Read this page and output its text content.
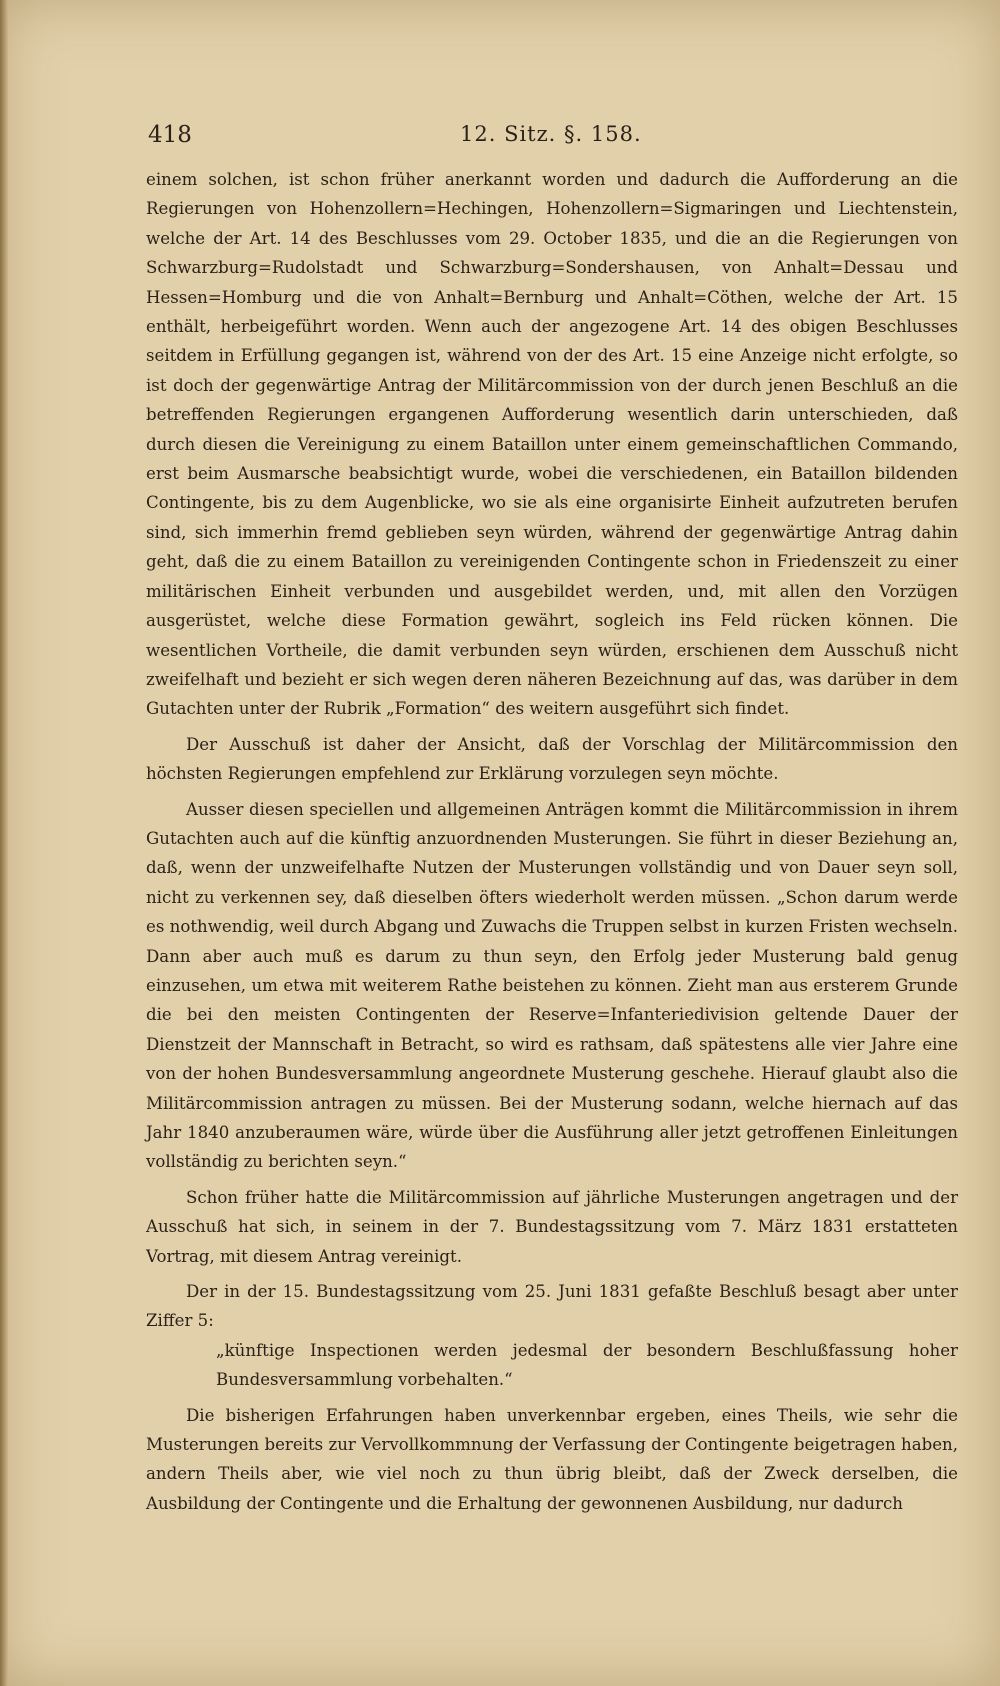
418	12. Sitz. §. 158.

einem solchen, ist schon früher anerkannt worden und dadurch die Aufforderung an die Regierungen von Hohenzollern=Hechingen, Hohenzollern=Sigmaringen und Liechtenstein, welche der Art. 14 des Beschlusses vom 29. October 1835, und die an die Regierungen von Schwarzburg=Rudolstadt und Schwarzburg=Sondershausen, von Anhalt=Dessau und Hessen=Homburg und die von Anhalt=Bernburg und Anhalt=Cöthen, welche der Art. 15 enthält, herbeigeführt worden. Wenn auch der angezogene Art. 14 des obigen Beschlusses seitdem in Erfüllung gegangen ist, während von der des Art. 15 eine Anzeige nicht erfolgte, so ist doch der gegenwärtige Antrag der Militärcommission von der durch jenen Beschluß an die betreffenden Regierungen ergangenen Aufforderung wesentlich darin unterschieden, daß durch diesen die Vereinigung zu einem Bataillon unter einem gemeinschaftlichen Commando, erst beim Ausmarsche beabsichtigt wurde, wobei die verschiedenen, ein Bataillon bildenden Contingente, bis zu dem Augenblicke, wo sie als eine organisirte Einheit aufzutreten berufen sind, sich immerhin fremd geblieben seyn würden, während der gegenwärtige Antrag dahin geht, daß die zu einem Bataillon zu vereinigenden Contingente schon in Friedenszeit zu einer militärischen Einheit verbunden und ausgebildet werden, und, mit allen den Vorzügen ausgerüstet, welche diese Formation gewährt, sogleich ins Feld rücken können. Die wesentlichen Vortheile, die damit verbunden seyn würden, erschienen dem Ausschuß nicht zweifelhaft und bezieht er sich wegen deren näheren Bezeichnung auf das, was darüber in dem Gutachten unter der Rubrik „Formation“ des weitern ausgeführt sich findet.

Der Ausschuß ist daher der Ansicht, daß der Vorschlag der Militärcommission den höchsten Regierungen empfehlend zur Erklärung vorzulegen seyn möchte.

Ausser diesen speciellen und allgemeinen Anträgen kommt die Militärcommission in ihrem Gutachten auch auf die künftig anzuordnenden Musterungen. Sie führt in dieser Beziehung an, daß, wenn der unzweifelhafte Nutzen der Musterungen vollständig und von Dauer seyn soll, nicht zu verkennen sey, daß dieselben öfters wiederholt werden müssen. „Schon darum werde es nothwendig, weil durch Abgang und Zuwachs die Truppen selbst in kurzen Fristen wechseln. Dann aber auch muß es darum zu thun seyn, den Erfolg jeder Musterung bald genug einzusehen, um etwa mit weiterem Rathe beistehen zu können. Zieht man aus ersterem Grunde die bei den meisten Contingenten der Reserve=Infanteriedivision geltende Dauer der Dienstzeit der Mannschaft in Betracht, so wird es rathsam, daß spätestens alle vier Jahre eine von der hohen Bundesversammlung angeordnete Musterung geschehe. Hierauf glaubt also die Militärcommission antragen zu müssen. Bei der Musterung sodann, welche hiernach auf das Jahr 1840 anzuberaumen wäre, würde über die Ausführung aller jetzt getroffenen Einleitungen vollständig zu berichten seyn.“

Schon früher hatte die Militärcommission auf jährliche Musterungen angetragen und der Ausschuß hat sich, in seinem in der 7. Bundestagssitzung vom 7. März 1831 erstatteten Vortrag, mit diesem Antrag vereinigt.

Der in der 15. Bundestagssitzung vom 25. Juni 1831 gefaßte Beschluß besagt aber unter Ziffer 5:

„künftige Inspectionen werden jedesmal der besondern Beschlußfassung hoher Bundesversammlung vorbehalten.“

Die bisherigen Erfahrungen haben unverkennbar ergeben, eines Theils, wie sehr die Musterungen bereits zur Vervollkommnung der Verfassung der Contingente beigetragen haben, andern Theils aber, wie viel noch zu thun übrig bleibt, daß der Zweck derselben, die Ausbildung der Contingente und die Erhaltung der gewonnenen Ausbildung, nur dadurch
